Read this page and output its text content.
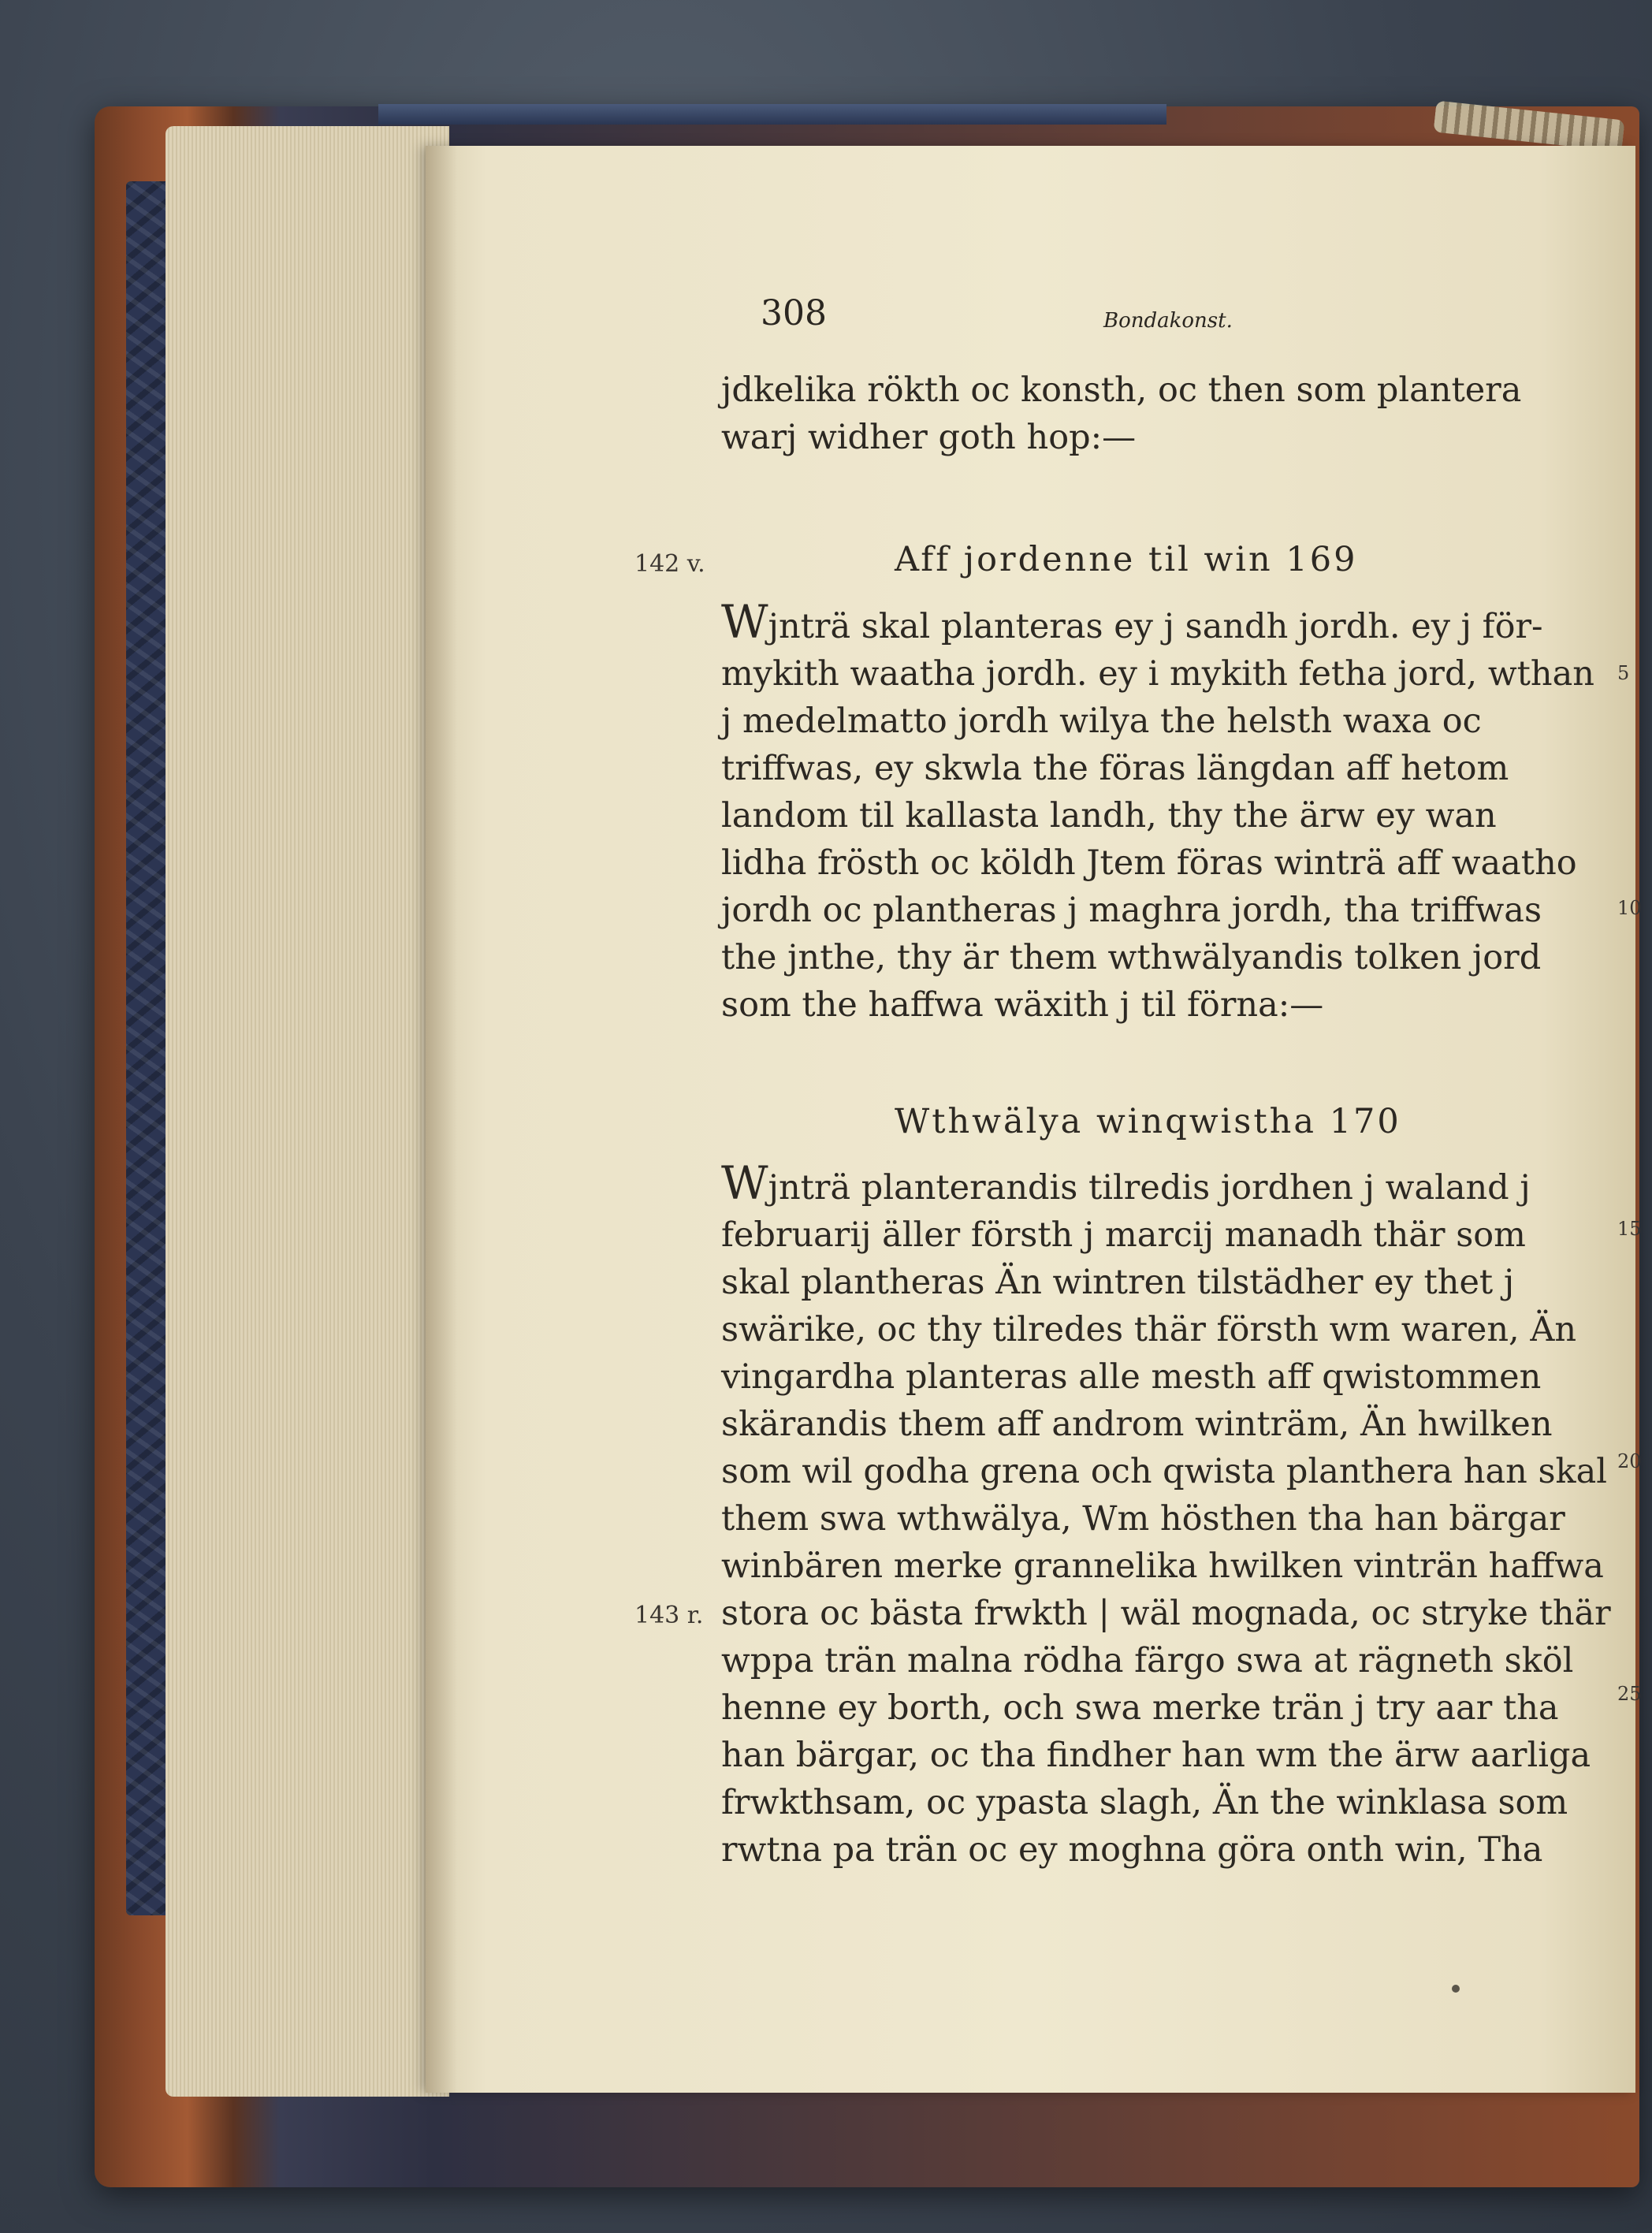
308	Bondakonst.
jdkelika rökth oc konsth, oc then som plantera
warj widher goth hop:—
142 v.	Aff jordenne til win 169
Wjnträ skal planteras ey j sandh jordh. ey j för-
mykith waatha jordh. ey i mykith fetha jord, wthan
j medelmatto jordh wilya the helsth waxa oc
triffwas, ey skwla the föras längdan aff hetom
landom til kallasta landh, thy the ärw ey wan
lidha frösth oc köldh Jtem föras winträ aff waatho
jordh oc plantheras j maghra jordh, tha triffwas
the jnthe, thy är them wthwälyandis tolken jord
som the haffwa wäxith j til förna:—
5
10
Wthwälya winqwistha 170
Wjnträ planterandis tilredis jordhen j waland j
februarij äller försth j marcij manadh thär som
skal plantheras Än wintren tilstädher ey thet j
swärike, oc thy tilredes thär försth wm waren, Än
vingardha planteras alle mesth aff qwistommen
skärandis them aff androm winträm, Än hwilken
som wil godha grena och qwista planthera han skal
them swa wthwälya, Wm hösthen tha han bärgar
winbären merke grannelika hwilken vinträn haffwa
stora oc bästa frwkth | wäl mognada, oc stryke thär
wppa trän malna rödha färgo swa at rägneth sköl
henne ey borth, och swa merke trän j try aar tha
han bärgar, oc tha findher han wm the ärw aarliga
frwkthsam, oc ypasta slagh, Än the winklasa som
rwtna pa trän oc ey moghna göra onth win, Tha
143 r.
15
20
25
